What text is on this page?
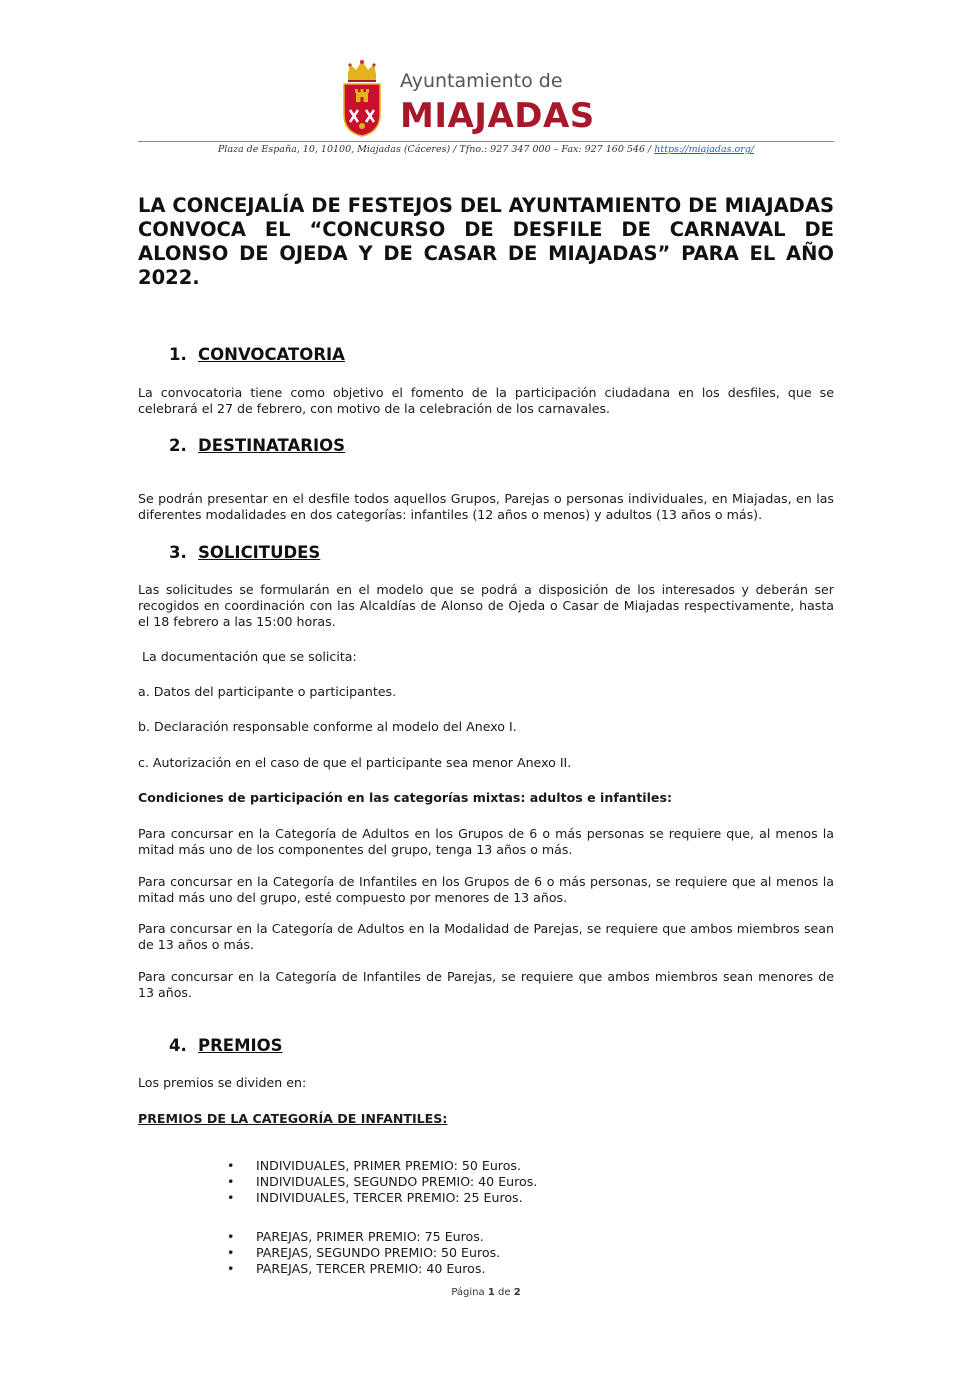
Ayuntamiento de
MIAJADAS
Plaza de España, 10, 10100, Miajadas (Cáceres) / Tfno.: 927 347 000 – Fax: 927 160 546 / https://miajadas.org/
LA CONCEJALÍA DE FESTEJOS DEL AYUNTAMIENTO DE MIAJADAS CONVOCA EL “CONCURSO DE DESFILE DE CARNAVAL DE ALONSO DE OJEDA Y DE CASAR DE MIAJADAS” PARA EL AÑO 2022.
1. CONVOCATORIA
La convocatoria tiene como objetivo el fomento de la participación ciudadana en los desfiles, que se celebrará el 27 de febrero, con motivo de la celebración de los carnavales.
2. DESTINATARIOS
Se podrán presentar en el desfile todos aquellos Grupos, Parejas o personas individuales, en Miajadas, en las diferentes modalidades en dos categorías: infantiles (12 años o menos) y adultos (13 años o más).
3. SOLICITUDES
Las solicitudes se formularán en el modelo que se podrá a disposición de los interesados y deberán ser recogidos en coordinación con las Alcaldías de Alonso de Ojeda o Casar de Miajadas respectivamente, hasta el 18 febrero a las 15:00 horas.
La documentación que se solicita:
a. Datos del participante o participantes.
b. Declaración responsable conforme al modelo del Anexo I.
c. Autorización en el caso de que el participante sea menor Anexo II.
Condiciones de participación en las categorías mixtas: adultos e infantiles:
Para concursar en la Categoría de Adultos en los Grupos de 6 o más personas se requiere que, al menos la mitad más uno de los componentes del grupo, tenga 13 años o más.
Para concursar en la Categoría de Infantiles en los Grupos de 6 o más personas, se requiere que al menos la mitad más uno del grupo, esté compuesto por menores de 13 años.
Para concursar en la Categoría de Adultos en la Modalidad de Parejas, se requiere que ambos miembros sean de 13 años o más.
Para concursar en la Categoría de Infantiles de Parejas, se requiere que ambos miembros sean menores de 13 años.
4. PREMIOS
Los premios se dividen en:
PREMIOS DE LA CATEGORÍA DE INFANTILES:
• INDIVIDUALES, PRIMER PREMIO: 50 Euros.
• INDIVIDUALES, SEGUNDO PREMIO: 40 Euros.
• INDIVIDUALES, TERCER PREMIO: 25 Euros.
• PAREJAS, PRIMER PREMIO: 75 Euros.
• PAREJAS, SEGUNDO PREMIO: 50 Euros.
• PAREJAS, TERCER PREMIO: 40 Euros.
Página 1 de 2
